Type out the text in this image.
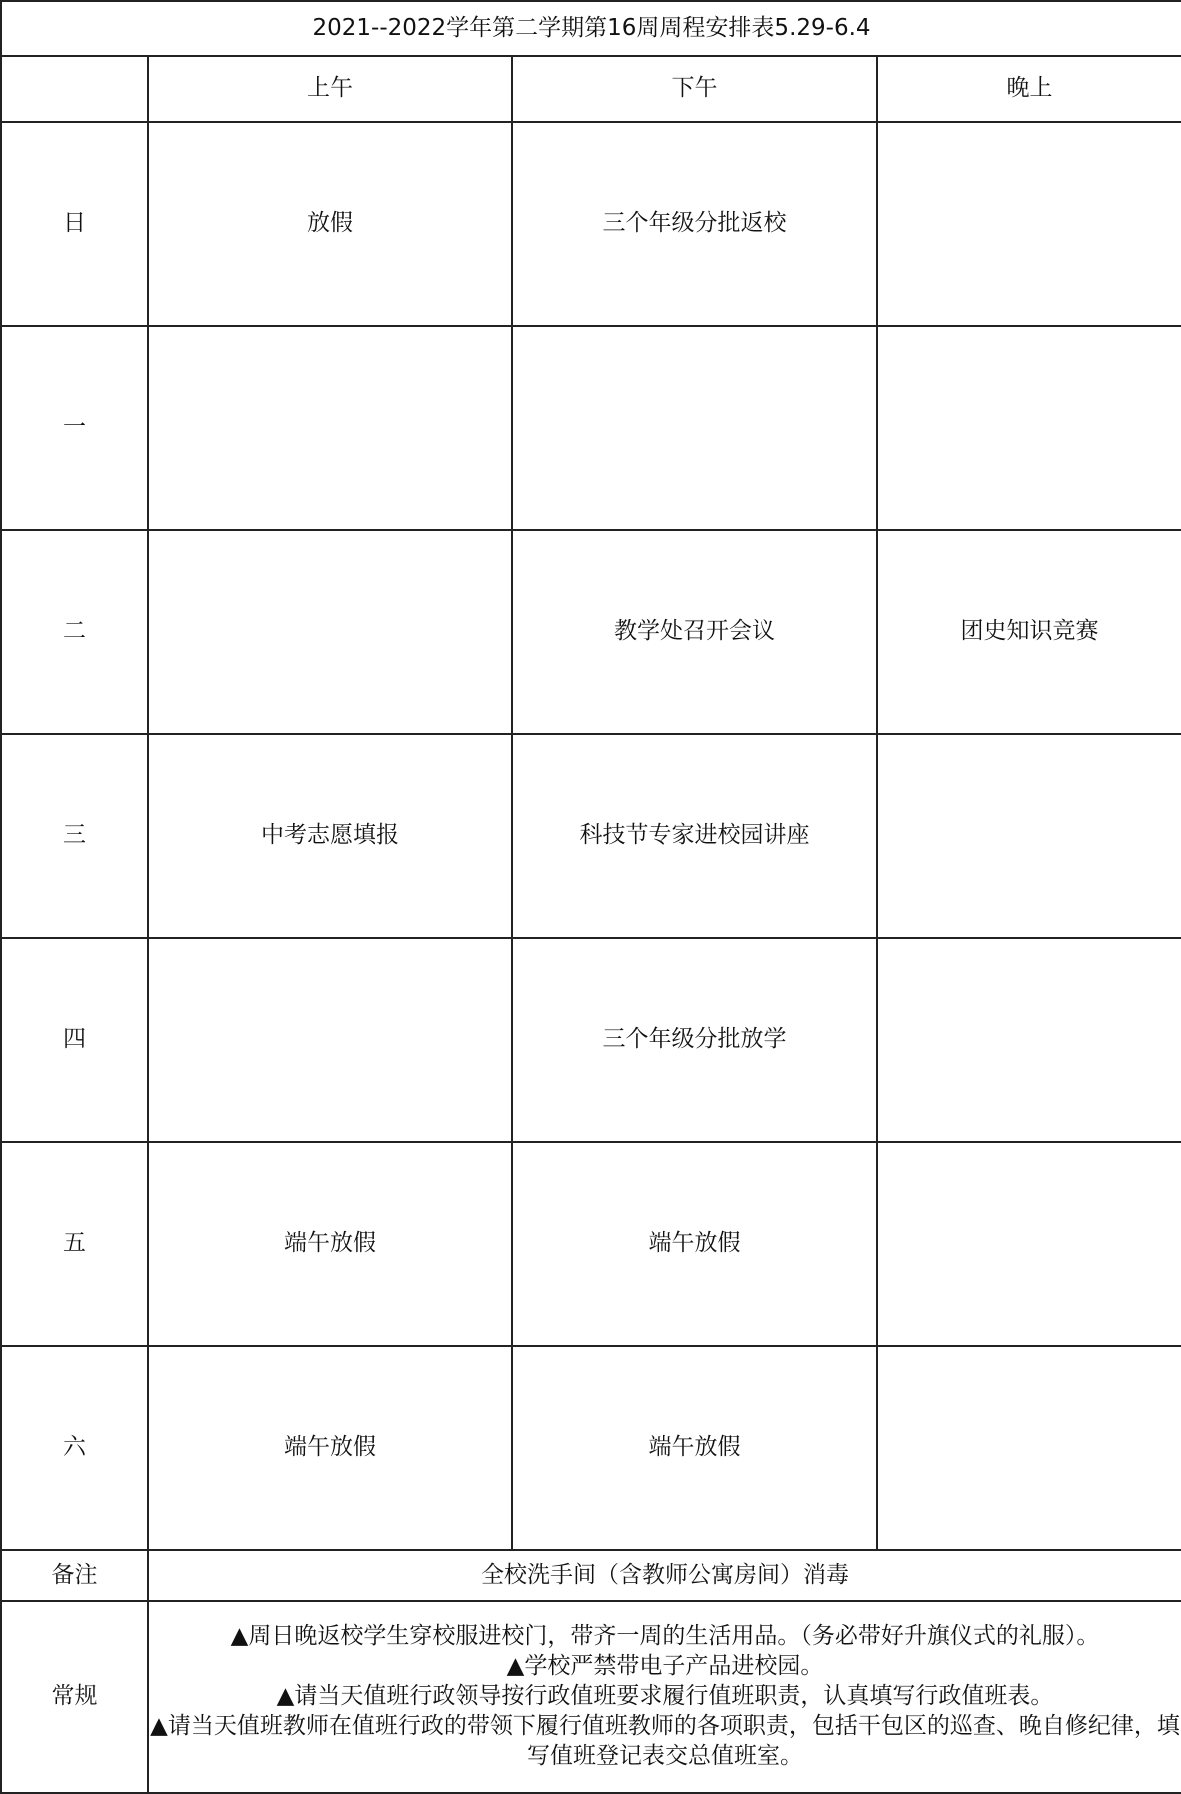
2021--2022学年第二学期第16周周程安排表5.29-6.4			
	上午	下午	晚上
日	放假	三个年级分批返校	
一			
二		教学处召开会议	团史知识竞赛
三	中考志愿填报	科技节专家进校园讲座	
四		三个年级分批放学	
五	端午放假	端午放假	
六	端午放假	端午放假	
备注	全校洗手间（含教师公寓房间）消毒		
常规	▲周日晚返校学生穿校服进校门，带齐一周的生活用品。（务必带好升旗仪式的礼服）。
▲学校严禁带电子产品进校园。
▲请当天值班行政领导按行政值班要求履行值班职责，认真填写行政值班表。
▲请当天值班教师在值班行政的带领下履行值班教师的各项职责，包括干包区的巡查、晚自修纪律，填写值班登记表交总值班室。		
